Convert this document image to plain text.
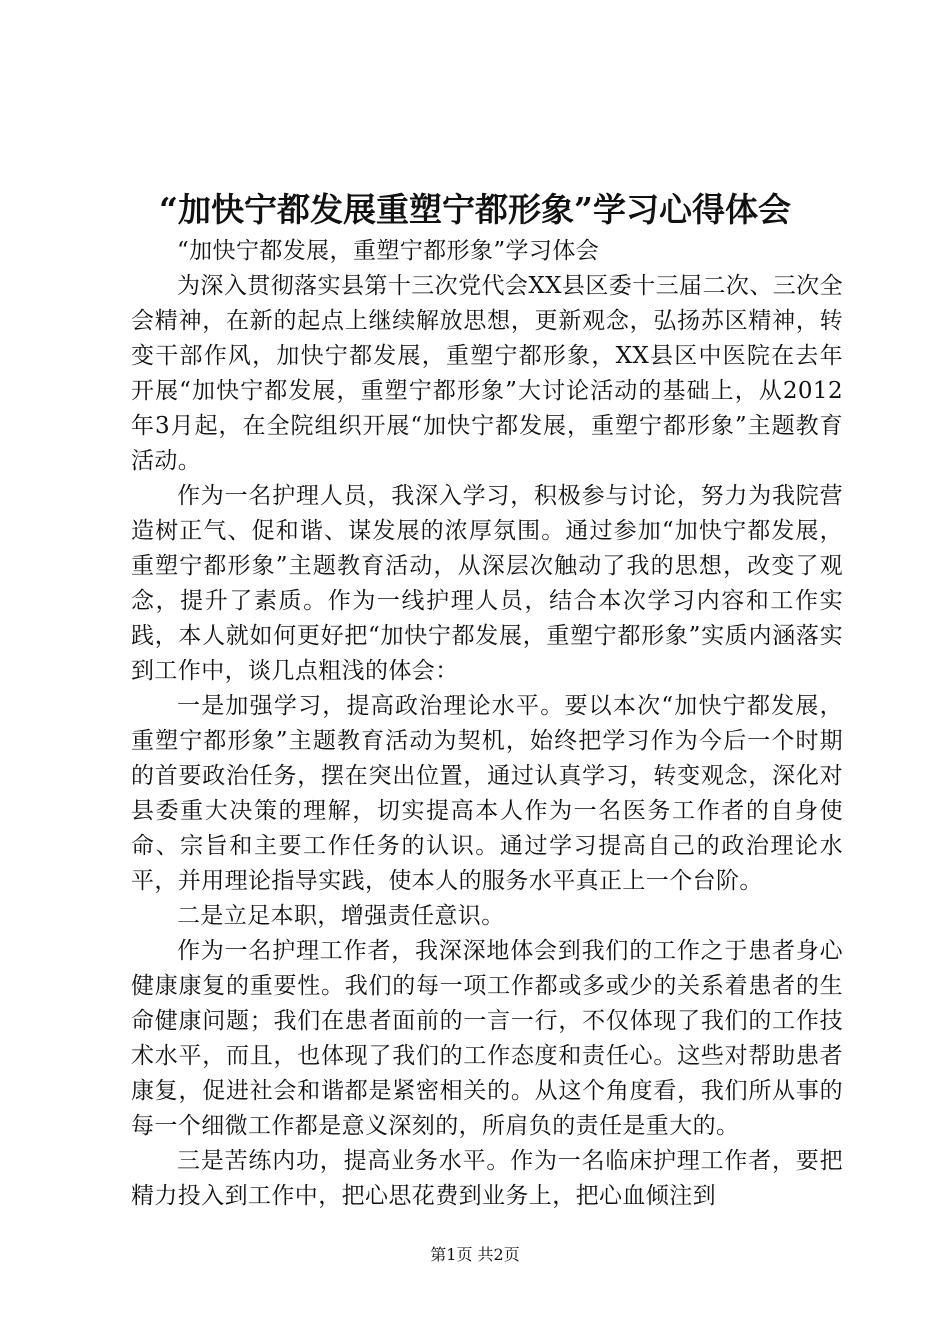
“加快宁都发展重塑宁都形象”学习心得体会

“加快宁都发展，重塑宁都形象”学习体会

为深入贯彻落实县第十三次党代会XX县区委十三届二次、三次全会精神，在新的起点上继续解放思想，更新观念，弘扬苏区精神，转变干部作风，加快宁都发展，重塑宁都形象，XX县区中医院在去年开展“加快宁都发展，重塑宁都形象”大讨论活动的基础上，从2012年3月起，在全院组织开展“加快宁都发展，重塑宁都形象”主题教育活动。

作为一名护理人员，我深入学习，积极参与讨论，努力为我院营造树正气、促和谐、谋发展的浓厚氛围。通过参加“加快宁都发展，重塑宁都形象”主题教育活动，从深层次触动了我的思想，改变了观念，提升了素质。作为一线护理人员，结合本次学习内容和工作实践，本人就如何更好把“加快宁都发展，重塑宁都形象”实质内涵落实到工作中，谈几点粗浅的体会：

一是加强学习，提高政治理论水平。要以本次“加快宁都发展，重塑宁都形象”主题教育活动为契机，始终把学习作为今后一个时期的首要政治任务，摆在突出位置，通过认真学习，转变观念，深化对县委重大决策的理解，切实提高本人作为一名医务工作者的自身使命、宗旨和主要工作任务的认识。通过学习提高自己的政治理论水平，并用理论指导实践，使本人的服务水平真正上一个台阶。

二是立足本职，增强责任意识。

作为一名护理工作者，我深深地体会到我们的工作之于患者身心健康康复的重要性。我们的每一项工作都或多或少的关系着患者的生命健康问题；我们在患者面前的一言一行，不仅体现了我们的工作技术水平，而且，也体现了我们的工作态度和责任心。这些对帮助患者康复，促进社会和谐都是紧密相关的。从这个角度看，我们所从事的每一个细微工作都是意义深刻的，所肩负的责任是重大的。

三是苦练内功，提高业务水平。作为一名临床护理工作者，要把精力投入到工作中，把心思花费到业务上，把心血倾注到

第1页 共2页
